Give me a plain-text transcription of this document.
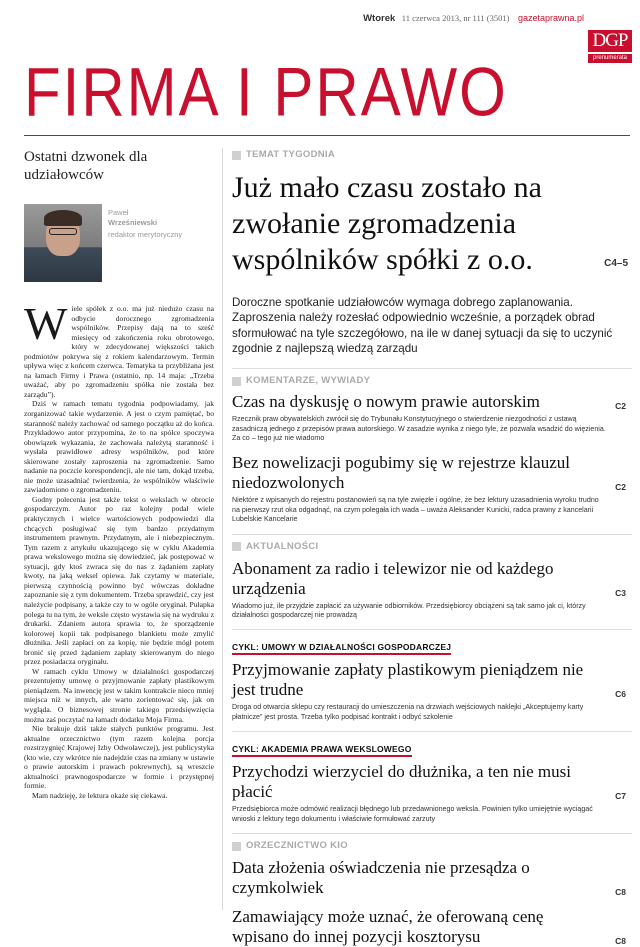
Wtorek 11 czerwca 2013, nr 111 (3501) gazetaprawna.pl
DGP
prenumerata
FIRMA I PRAWO
Ostatni dzwonek dla udziałowców
Paweł
Wrześniewski
redaktor merytoryczny

Wiele spółek z o.o. ma już niedużo czasu na odbycie dorocznego zgromadzenia wspólników. Przepisy dają na to sześć miesięcy od zakończenia roku obrotowego, który w zdecydowanej większości takich podmiotów pokrywa się z rokiem kalendarzowym. Termin upływa więc z końcem czerwca. Tematyka ta przybliżana jest na łamach Firmy i Prawa (ostatnio, np. 14 maja: „Trzeba uważać, aby po zgromadzeniu spółka nie została bez zarządu”).

Dziś w ramach tematu tygodnia podpowiadamy, jak zorganizować takie wydarzenie. A jest o czym pamiętać, bo staranność należy zachować od samego początku aż do końca. Przykładowo autor przypomina, że to na spółce spoczywa obowiązek wykazania, że zachowała należytą staranność i wysłała prawidłowe adresy wspólników, pod które skierowane zostały zaproszenia na zgromadzenie. Samo nadanie na poczcie korespondencji, ale nie tam, dokąd trzeba, nie może uzasadniać twierdzenia, że wspólników właściwie zawiadomiono o zgromadzeniu.

Godny polecenia jest także tekst o wekslach w obrocie gospodarczym. Autor po raz kolejny podał wiele praktycznych i wielce wartościowych podpowiedzi dla chcących posługiwać się tym bardzo przydatnym instrumentem prawnym. Przydatnym, ale i niebezpiecznym. Tym razem z artykułu ukazującego się w cyklu Akademia prawa wekslowego można się dowiedzieć, jak postępować w sytuacji, gdy ktoś zwraca się do nas z żądaniem zapłaty kwoty, na jaką weksel opiewa. Jak czytamy w materiale, pierwszą czynnością powinno być wówczas dokładne zapoznanie się z tym dokumentem. Trzeba sprawdzić, czy jest należycie podpisany, a także czy to w ogóle oryginał. Pułapka polega tu na tym, że weksle często wystawia się na wydruku z drukarki. Zdaniem autora sprawia to, że sporządzenie kolorowej kopii tak podpisanego blankietu może zmylić dłużnika. Jeśli zapłaci on za kopię, nie będzie mógł potem bronić się przed żądaniem zapłaty skierowanym do niego przez posiadacza oryginału.

W ramach cyklu Umowy w działalności gospodarczej prezentujemy umowę o przyjmowanie zapłaty plastikowym pieniądzem. Na inwencję jest w takim kontrakcie nieco mniej miejsca niż w innych, ale warto zorientować się, jak on wygląda. O biznesowej stronie takiego przedsięwzięcia można zaś poczytać na łamach dodatku Moja Firma.

Nie brakuje dziś także stałych punktów programu. Jest aktualne orzecznictwo (tym razem kolejna porcja rozstrzygnięć Krajowej Izby Odwoławczej), jest publicystyka (kto wie, czy wkrótce nie nadejdzie czas na zmiany w ustawie o prawie autorskim i prawach pokrewnych), są wreszcie aktualności prawnogospodarcze w formie i przystępnej formie.

Mam nadzieję, że lektura okaże się ciekawa.

TEMAT TYGODNIA
Już mało czasu zostało na zwołanie zgromadzenia wspólników spółki z o.o.	C4–5
Doroczne spotkanie udziałowców wymaga dobrego zaplanowania. Zaproszenia należy rozesłać odpowiednio wcześnie, a porządek obrad sformułować na tyle szczegółowo, na ile w danej sytuacji da się to uczynić zgodnie z najlepszą wiedzą zarządu
KOMENTARZE, WYWIADY
Czas na dyskusję o nowym prawie autorskim	C2
Rzecznik praw obywatelskich zwrócił się do Trybunału Konstytucyjnego o stwierdzenie niezgodności z ustawą zasadniczą jednego z przepisów prawa autorskiego. W zasadzie wynika z niego tyle, że pozwala wsadzić do więzienia. Za co – tego już nie wiadomo
Bez nowelizacji pogubimy się w rejestrze klauzul niedozwolonych	C2
Niektóre z wpisanych do rejestru postanowień są na tyle zwięzłe i ogólne, że bez lektury uzasadnienia wyroku trudno na pierwszy rzut oka odgadnąć, na czym polegała ich wada – uważa Aleksander Kunicki, radca prawny z kancelarii Lubelskie Kancelarie
AKTUALNOŚCI
Abonament za radio i telewizor nie od każdego urządzenia	C3
Wiadomo już, ile przyjdzie zapłacić za używanie odbiorników. Przedsiębiorcy obciążeni są tak samo jak ci, którzy działalności gospodarczej nie prowadzą
CYKL: UMOWY W DZIAŁALNOŚCI GOSPODARCZEJ
Przyjmowanie zapłaty plastikowym pieniądzem nie jest trudne	C6
Droga od otwarcia sklepu czy restauracji do umieszczenia na drzwiach wejściowych naklejki „Akceptujemy karty płatnicze” jest prosta. Trzeba tylko podpisać kontrakt i odbyć szkolenie
CYKL: AKADEMIA PRAWA WEKSLOWEGO
Przychodzi wierzyciel do dłużnika, a ten nie musi płacić	C7
Przedsiębiorca może odmówić realizacji błędnego lub przedawnionego weksla. Powinien tylko umiejętnie wyciągać wnioski z lektury tego dokumentu i właściwie formułować zarzuty
ORZECZNICTWO KIO
Data złożenia oświadczenia nie przesądza o czymkolwiek	C8
Zamawiający może uznać, że oferowaną cenę wpisano do innej pozycji kosztorysu	C8
